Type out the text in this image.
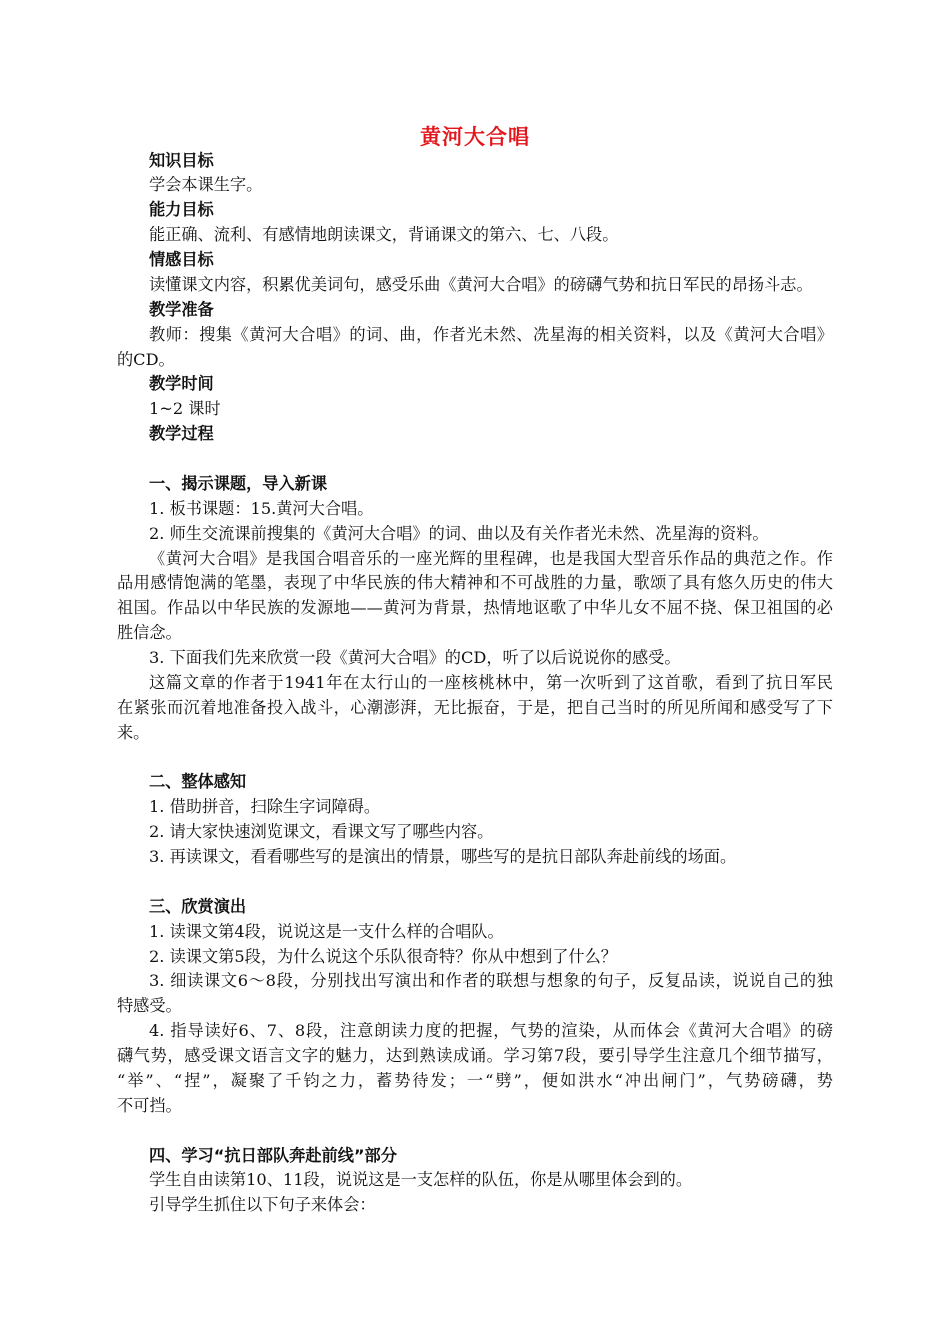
黄河大合唱
知识目标
学会本课生字。
能力目标
能正确、流利、有感情地朗读课文，背诵课文的第六、七、八段。
情感目标
读懂课文内容，积累优美词句，感受乐曲《黄河大合唱》的磅礴气势和抗日军民的昂扬斗志。
教学准备
教师：搜集《黄河大合唱》的词、曲，作者光未然、冼星海的相关资料，以及《黄河大合唱》
的CD。
教学时间
1~2 课时
教学过程
一、揭示课题，导入新课
1. 板书课题：15.黄河大合唱。
2. 师生交流课前搜集的《黄河大合唱》的词、曲以及有关作者光未然、冼星海的资料。
《黄河大合唱》是我国合唱音乐的一座光辉的里程碑，也是我国大型音乐作品的典范之作。作
品用感情饱满的笔墨，表现了中华民族的伟大精神和不可战胜的力量，歌颂了具有悠久历史的伟大
祖国。作品以中华民族的发源地——黄河为背景，热情地讴歌了中华儿女不屈不挠、保卫祖国的必
胜信念。
3. 下面我们先来欣赏一段《黄河大合唱》的CD，听了以后说说你的感受。
这篇文章的作者于1941年在太行山的一座核桃林中，第一次听到了这首歌，看到了抗日军民
在紧张而沉着地准备投入战斗，心潮澎湃，无比振奋，于是，把自己当时的所见所闻和感受写了下
来。
二、整体感知
1. 借助拼音，扫除生字词障碍。
2. 请大家快速浏览课文，看课文写了哪些内容。
3. 再读课文，看看哪些写的是演出的情景，哪些写的是抗日部队奔赴前线的场面。
三、欣赏演出
1. 读课文第4段，说说这是一支什么样的合唱队。
2. 读课文第5段，为什么说这个乐队很奇特？你从中想到了什么？
3. 细读课文6～8段，分别找出写演出和作者的联想与想象的句子，反复品读，说说自己的独
特感受。
4. 指导读好6、7、8段，注意朗读力度的把握，气势的渲染，从而体会《黄河大合唱》的磅
礴气势，感受课文语言文字的魅力，达到熟读成诵。学习第7段，要引导学生注意几个细节描写，
“举”、“捏”，凝聚了千钧之力，蓄势待发；一“劈”，便如洪水“冲出闸门”，气势磅礴，势
不可挡。
四、学习“抗日部队奔赴前线”部分
学生自由读第10、11段，说说这是一支怎样的队伍，你是从哪里体会到的。
引导学生抓住以下句子来体会：
